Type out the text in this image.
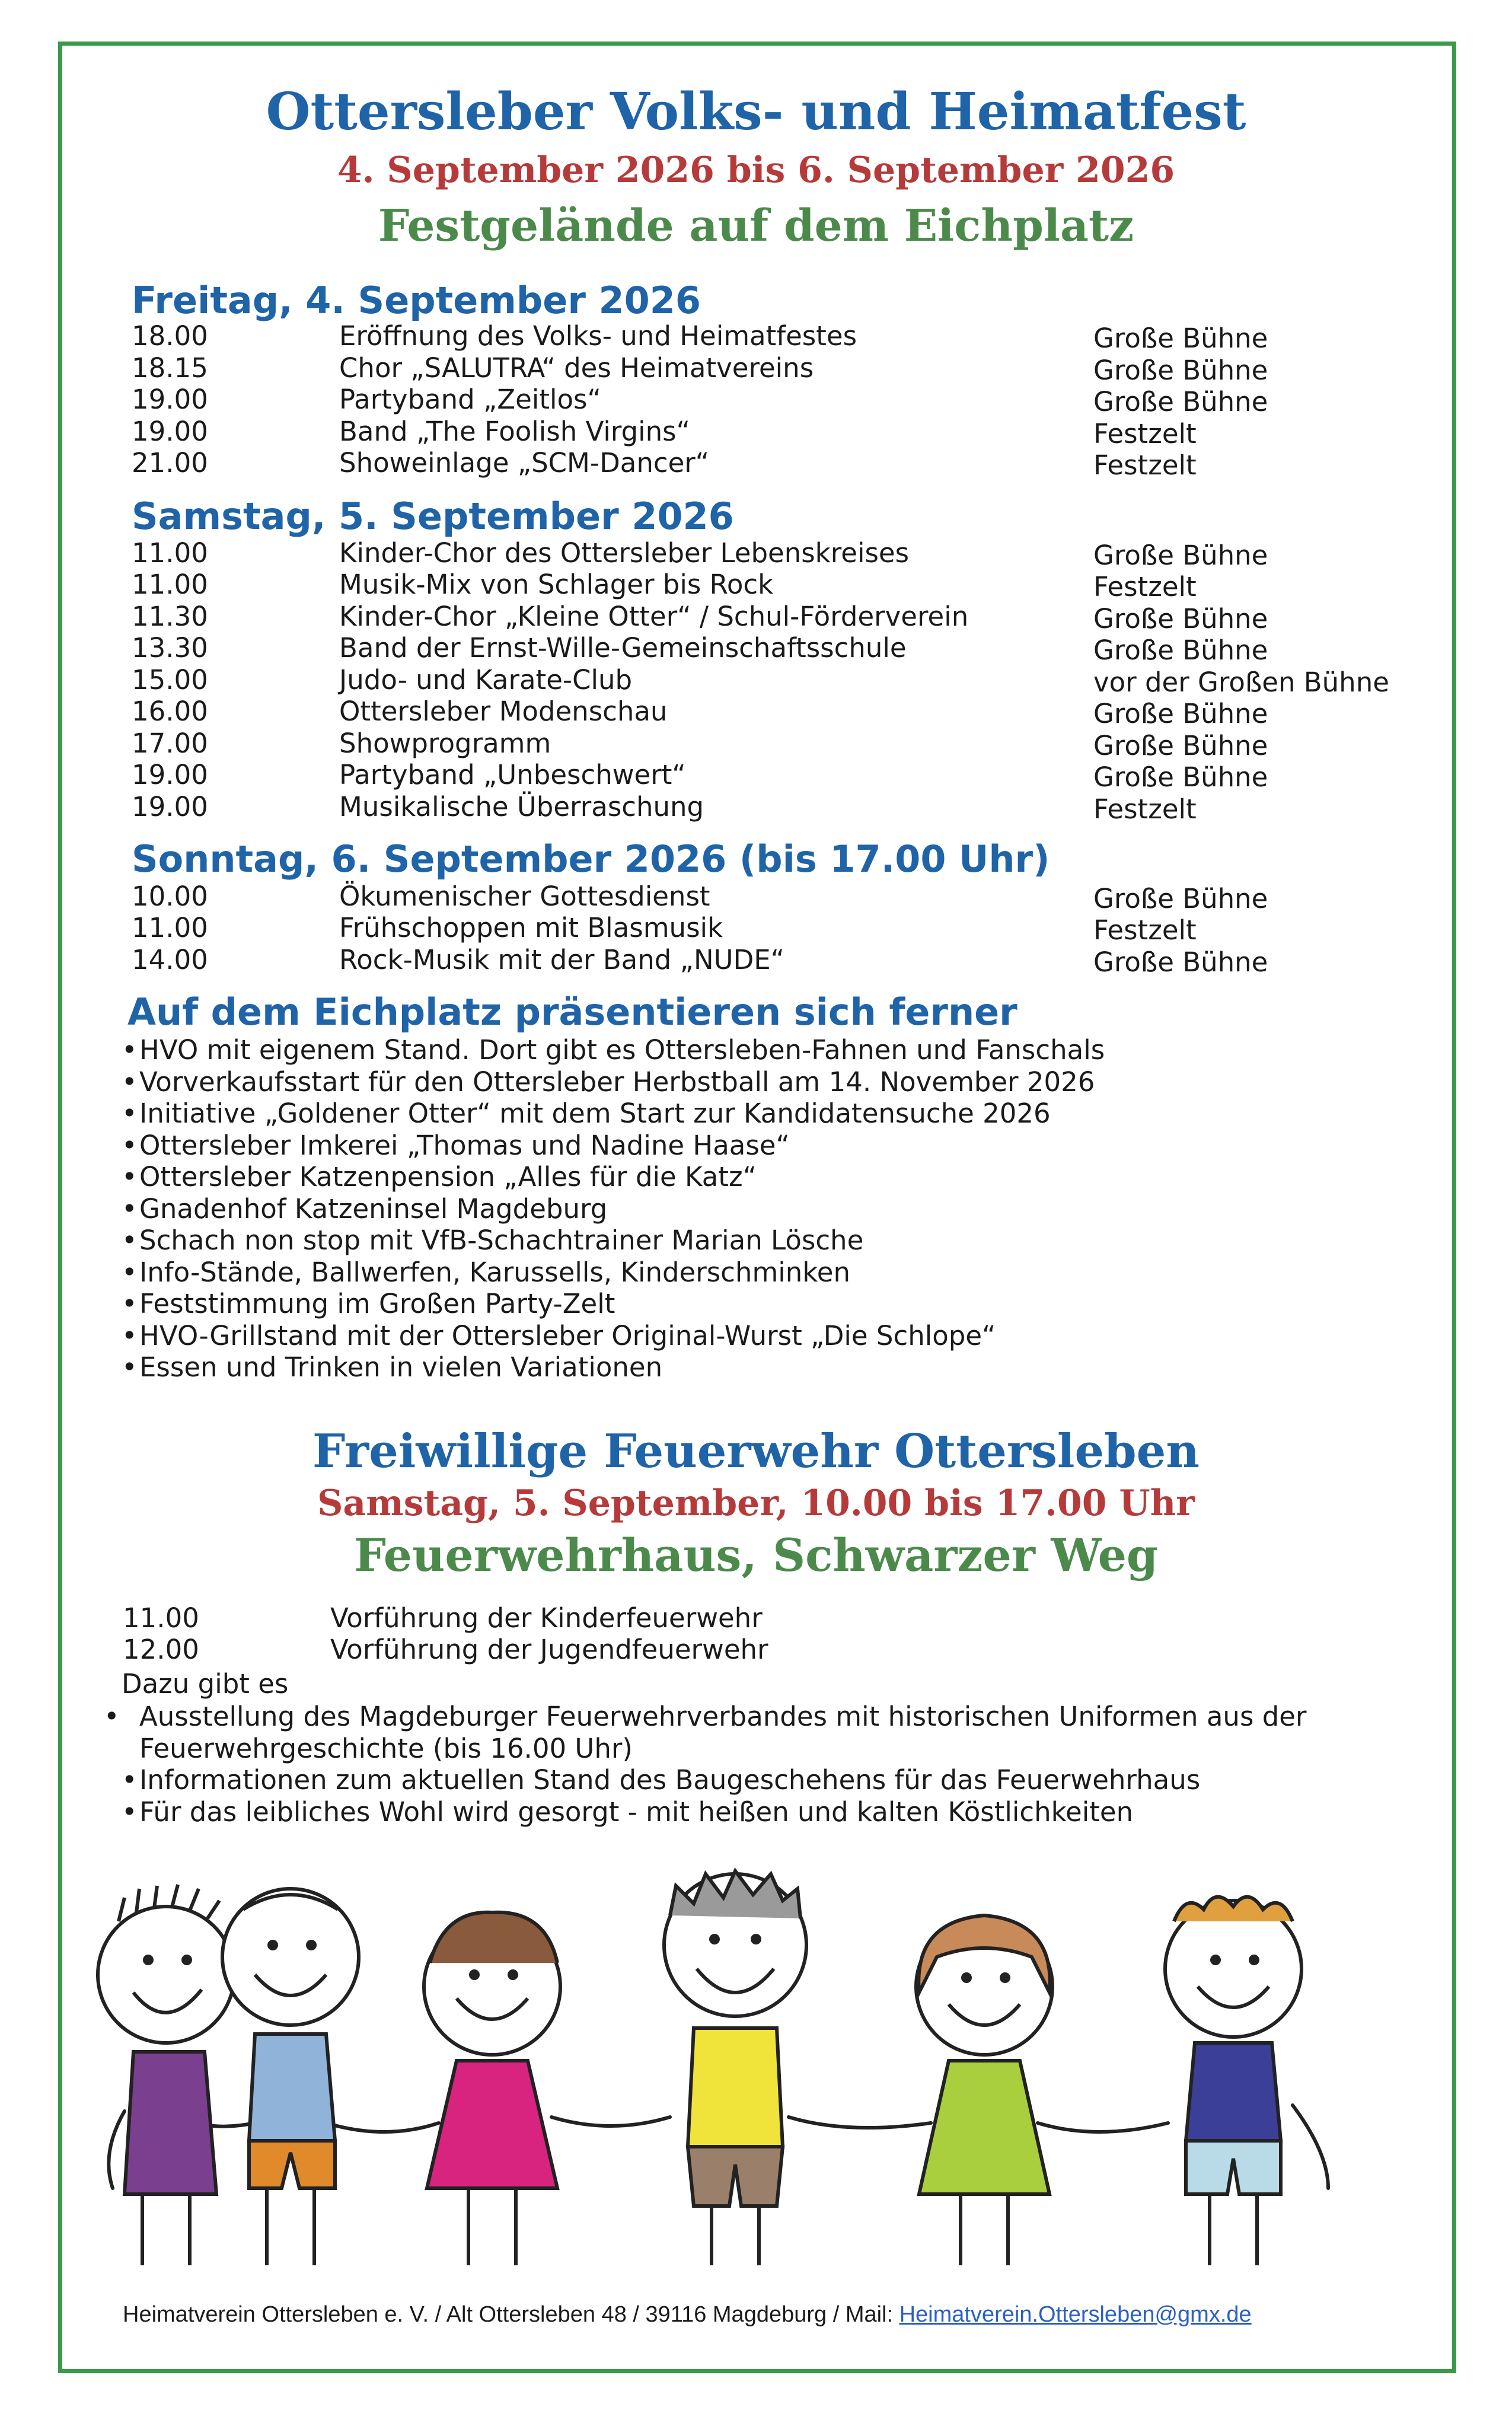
Ottersleber Volks- und Heimatfest
4. September 2026 bis 6. September 2026
Festgelände auf dem Eichplatz
Freitag, 4. September 2026
18.00	Eröffnung des Volks- und Heimatfestes	Große Bühne
18.15	Chor „SALUTRA“ des Heimatvereins	Große Bühne
19.00	Partyband „Zeitlos“	Große Bühne
19.00	Band „The Foolish Virgins“	Festzelt
21.00	Showeinlage „SCM-Dancer“	Festzelt
Samstag, 5. September 2026
11.00	Kinder-Chor des Ottersleber Lebenskreises	Große Bühne
11.00	Musik-Mix von Schlager bis Rock	Festzelt
11.30	Kinder-Chor „Kleine Otter“ / Schul-Förderverein	Große Bühne
13.30	Band der Ernst-Wille-Gemeinschaftsschule	Große Bühne
15.00	Judo- und Karate-Club	vor der Großen Bühne
16.00	Ottersleber Modenschau	Große Bühne
17.00	Showprogramm	Große Bühne
19.00	Partyband „Unbeschwert“	Große Bühne
19.00	Musikalische Überraschung	Festzelt
Sonntag, 6. September 2026 (bis 17.00 Uhr)
10.00	Ökumenischer Gottesdienst	Große Bühne
11.00	Frühschoppen mit Blasmusik	Festzelt
14.00	Rock-Musik mit der Band „NUDE“	Große Bühne
Auf dem Eichplatz präsentieren sich ferner
•HVO mit eigenem Stand. Dort gibt es Ottersleben-Fahnen und Fanschals
•Vorverkaufsstart für den Ottersleber Herbstball am 14. November 2026
•Initiative „Goldener Otter“ mit dem Start zur Kandidatensuche 2026
•Ottersleber Imkerei „Thomas und Nadine Haase“
•Ottersleber Katzenpension „Alles für die Katz“
•Gnadenhof Katzeninsel Magdeburg
•Schach non stop mit VfB-Schachtrainer Marian Lösche
•Info-Stände, Ballwerfen, Karussells, Kinderschminken
•Feststimmung im Großen Party-Zelt
•HVO-Grillstand mit der Ottersleber Original-Wurst „Die Schlope“
•Essen und Trinken in vielen Variationen
Freiwillige Feuerwehr Ottersleben
Samstag, 5. September, 10.00 bis 17.00 Uhr
Feuerwehrhaus, Schwarzer Weg
11.00	Vorführung der Kinderfeuerwehr
12.00	Vorführung der Jugendfeuerwehr
Dazu gibt es
• Ausstellung des Magdeburger Feuerwehrverbandes mit historischen Uniformen aus der Feuerwehrgeschichte (bis 16.00 Uhr)
•Informationen zum aktuellen Stand des Baugeschehens für das Feuerwehrhaus
•Für das leibliches Wohl wird gesorgt - mit heißen und kalten Köstlichkeiten
Heimatverein Ottersleben e. V. / Alt Ottersleben 48 / 39116 Magdeburg / Mail: Heimatverein.Ottersleben@gmx.de
